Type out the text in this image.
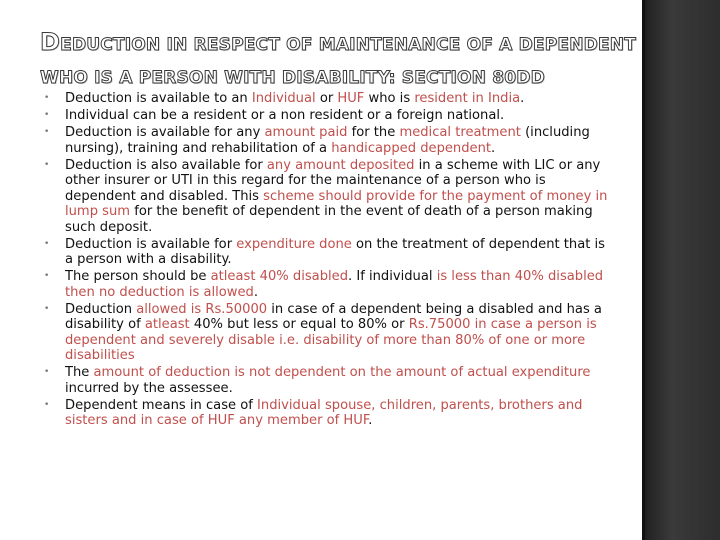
DEDUCTION IN RESPECT OF MAINTENANCE OF A DEPENDENT
WHO IS A PERSON WITH DISABILITY: SECTION 80DD
• Deduction is available to an Individual or HUF who is resident in India.
• Individual can be a resident or a non resident or a foreign national.
• Deduction is available for any amount paid for the medical treatment (including nursing), training and rehabilitation of a handicapped dependent.
• Deduction is also available for any amount deposited in a scheme with LIC or any other insurer or UTI in this regard for the maintenance of a person who is dependent and disabled. This scheme should provide for the payment of money in lump sum for the benefit of dependent in the event of death of a person making such deposit.
• Deduction is available for expenditure done on the treatment of dependent that is a person with a disability.
• The person should be atleast 40% disabled. If individual is less than 40% disabled then no deduction is allowed.
• Deduction allowed is Rs.50000 in case of a dependent being a disabled and has a disability of atleast 40% but less or equal to 80% or Rs.75000 in case a person is dependent and severely disable i.e. disability of more than 80% of one or more disabilities
• The amount of deduction is not dependent on the amount of actual expenditure incurred by the assessee.
• Dependent means in case of Individual spouse, children, parents, brothers and sisters and in case of HUF any member of HUF.
